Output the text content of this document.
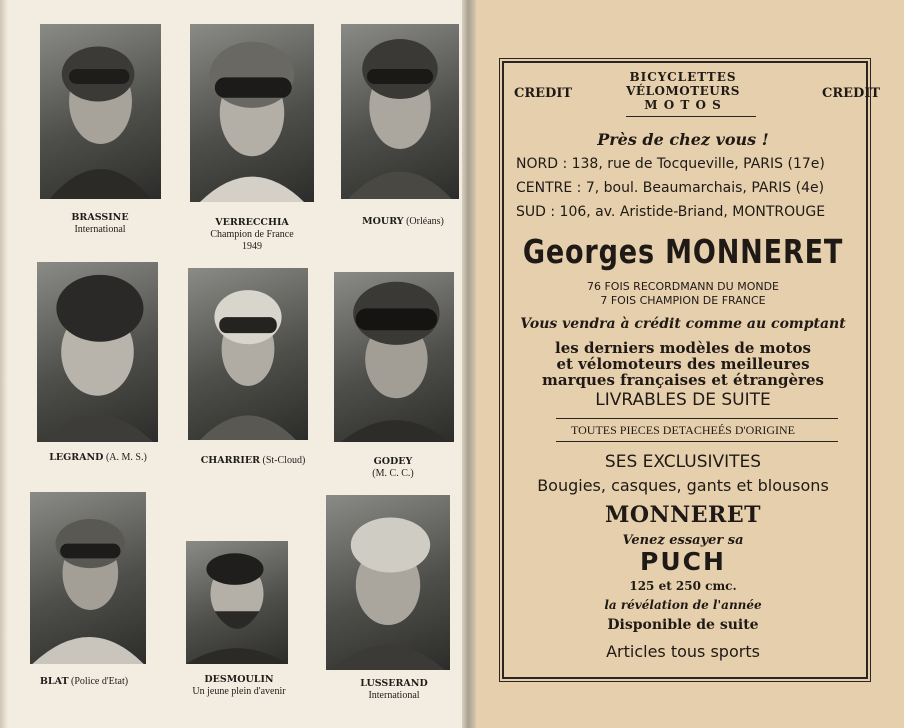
BRASSINE
International
VERRECCHIA
Champion de France
1949
MOURY (Orléans)
LEGRAND (A. M. S.)	CHARRIER (St-Cloud)	GODEY
(M. C. C.)
BLAT (Police d'Etat)	DESMOULIN
Un jeune plein d'avenir
LUSSERAND
International
CREDIT	CREDIT
BICYCLETTES
VÉLOMOTEURS
M O T O S
Près de chez vous !
NORD : 138, rue de Tocqueville, PARIS (17e)
CENTRE : 7, boul. Beaumarchais, PARIS (4e)
SUD : 106, av. Aristide-Briand, MONTROUGE
Georges MONNERET
76 FOIS RECORDMANN DU MONDE
7 FOIS CHAMPION DE FRANCE
Vous vendra à crédit comme au comptant
les derniers modèles de motos
et vélomoteurs des meilleures
marques françaises et étrangères
LIVRABLES DE SUITE
TOUTES PIECES DETACHEÉS D'ORIGINE
SES EXCLUSIVITES
Bougies, casques, gants et blousons
MONNERET
Venez essayer sa
PUCH
125 et 250 cmc.
la révélation de l'année
Disponible de suite
Articles tous sports
